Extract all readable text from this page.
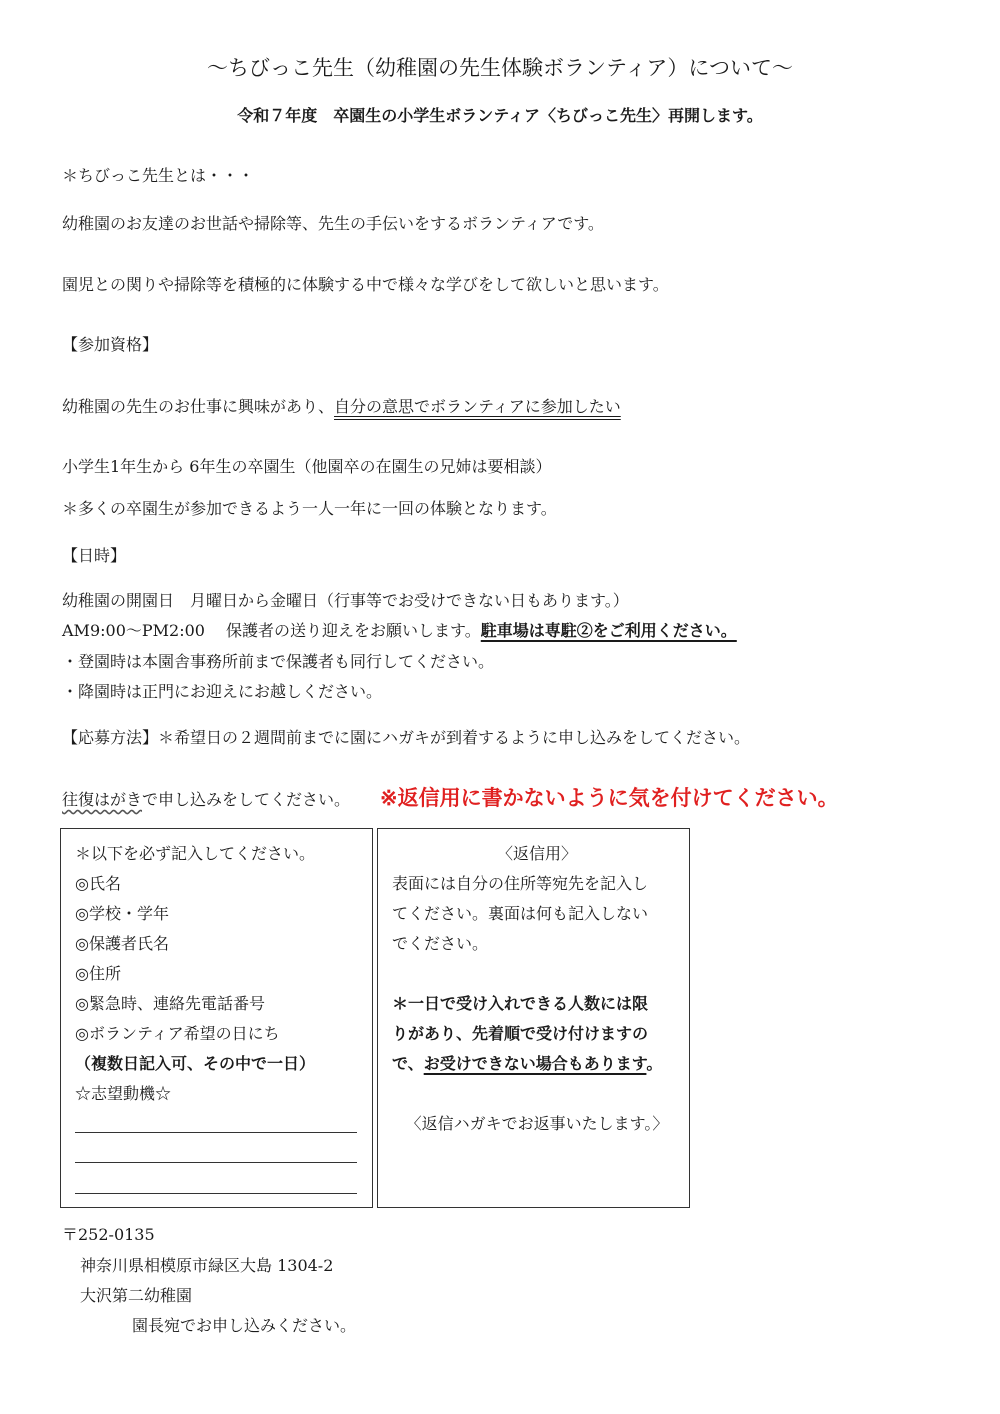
〜ちびっこ先生（幼稚園の先生体験ボランティア）について〜
令和７年度　卒園生の小学生ボランティア〈ちびっこ先生〉再開します。
＊ちびっこ先生とは・・・
幼稚園のお友達のお世話や掃除等、先生の手伝いをするボランティアです。
園児との関りや掃除等を積極的に体験する中で様々な学びをして欲しいと思います。
【参加資格】
幼稚園の先生のお仕事に興味があり、自分の意思でボランティアに参加したい
小学生1年生から 6年生の卒園生（他園卒の在園生の兄姉は要相談）
＊多くの卒園生が参加できるよう一人一年に一回の体験となります。
【日時】
幼稚園の開園日　月曜日から金曜日（行事等でお受けできない日もあります。）
AM9:00〜PM2:00　 保護者の送り迎えをお願いします。駐車場は専駐②をご利用ください。
・登園時は本園舎事務所前まで保護者も同行してください。
・降園時は正門にお迎えにお越しください。
【応募方法】＊希望日の２週間前までに園にハガキが到着するように申し込みをしてください。
往復はがきで申し込みをしてください。 ※返信用に書かないように気を付けてください。
＊以下を必ず記入してください。
◎氏名
◎学校・学年
◎保護者氏名
◎住所
◎緊急時、連絡先電話番号
◎ボランティア希望の日にち
（複数日記入可、その中で一日）
☆志望動機☆
〈返信用〉
表面には自分の住所等宛先を記入し
てください。裏面は何も記入しない
でください。
＊一日で受け入れできる人数には限
りがあり、先着順で受け付けますの
で、お受けできない場合もあります。
〈返信ハガキでお返事いたします。〉
〒252-0135
神奈川県相模原市緑区大島 1304‐2
大沢第二幼稚園
園長宛でお申し込みください。
